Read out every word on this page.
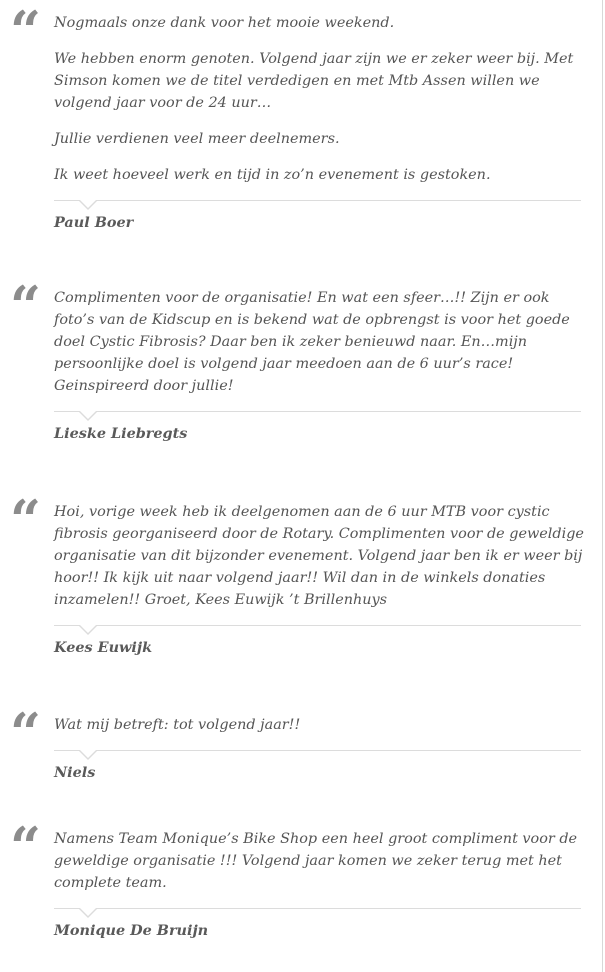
“ Nogmaals onze dank voor het mooie weekend.

We hebben enorm genoten. Volgend jaar zijn we er zeker weer bij. Met Simson komen we de titel verdedigen en met Mtb Assen willen we volgend jaar voor de 24 uur…

Jullie verdienen veel meer deelnemers.

Ik weet hoeveel werk en tijd in zo’n evenement is gestoken.

Paul Boer
“ Complimenten voor de organisatie! En wat een sfeer…!! Zijn er ook foto’s van de Kidscup en is bekend wat de opbrengst is voor het goede doel Cystic Fibrosis? Daar ben ik zeker benieuwd naar. En…mijn persoonlijke doel is volgend jaar meedoen aan de 6 uur’s race! Geinspireerd door jullie!

Lieske Liebregts
“ Hoi, vorige week heb ik deelgenomen aan de 6 uur MTB voor cystic fibrosis georganiseerd door de Rotary. Complimenten voor de geweldige organisatie van dit bijzonder evenement. Volgend jaar ben ik er weer bij hoor!! Ik kijk uit naar volgend jaar!! Wil dan in de winkels donaties inzamelen!! Groet, Kees Euwijk ’t Brillenhuys

Kees Euwijk
“ Wat mij betreft: tot volgend jaar!!

Niels
“ Namens Team Monique’s Bike Shop een heel groot compliment voor de geweldige organisatie !!! Volgend jaar komen we zeker terug met het complete team.

Monique De Bruijn
